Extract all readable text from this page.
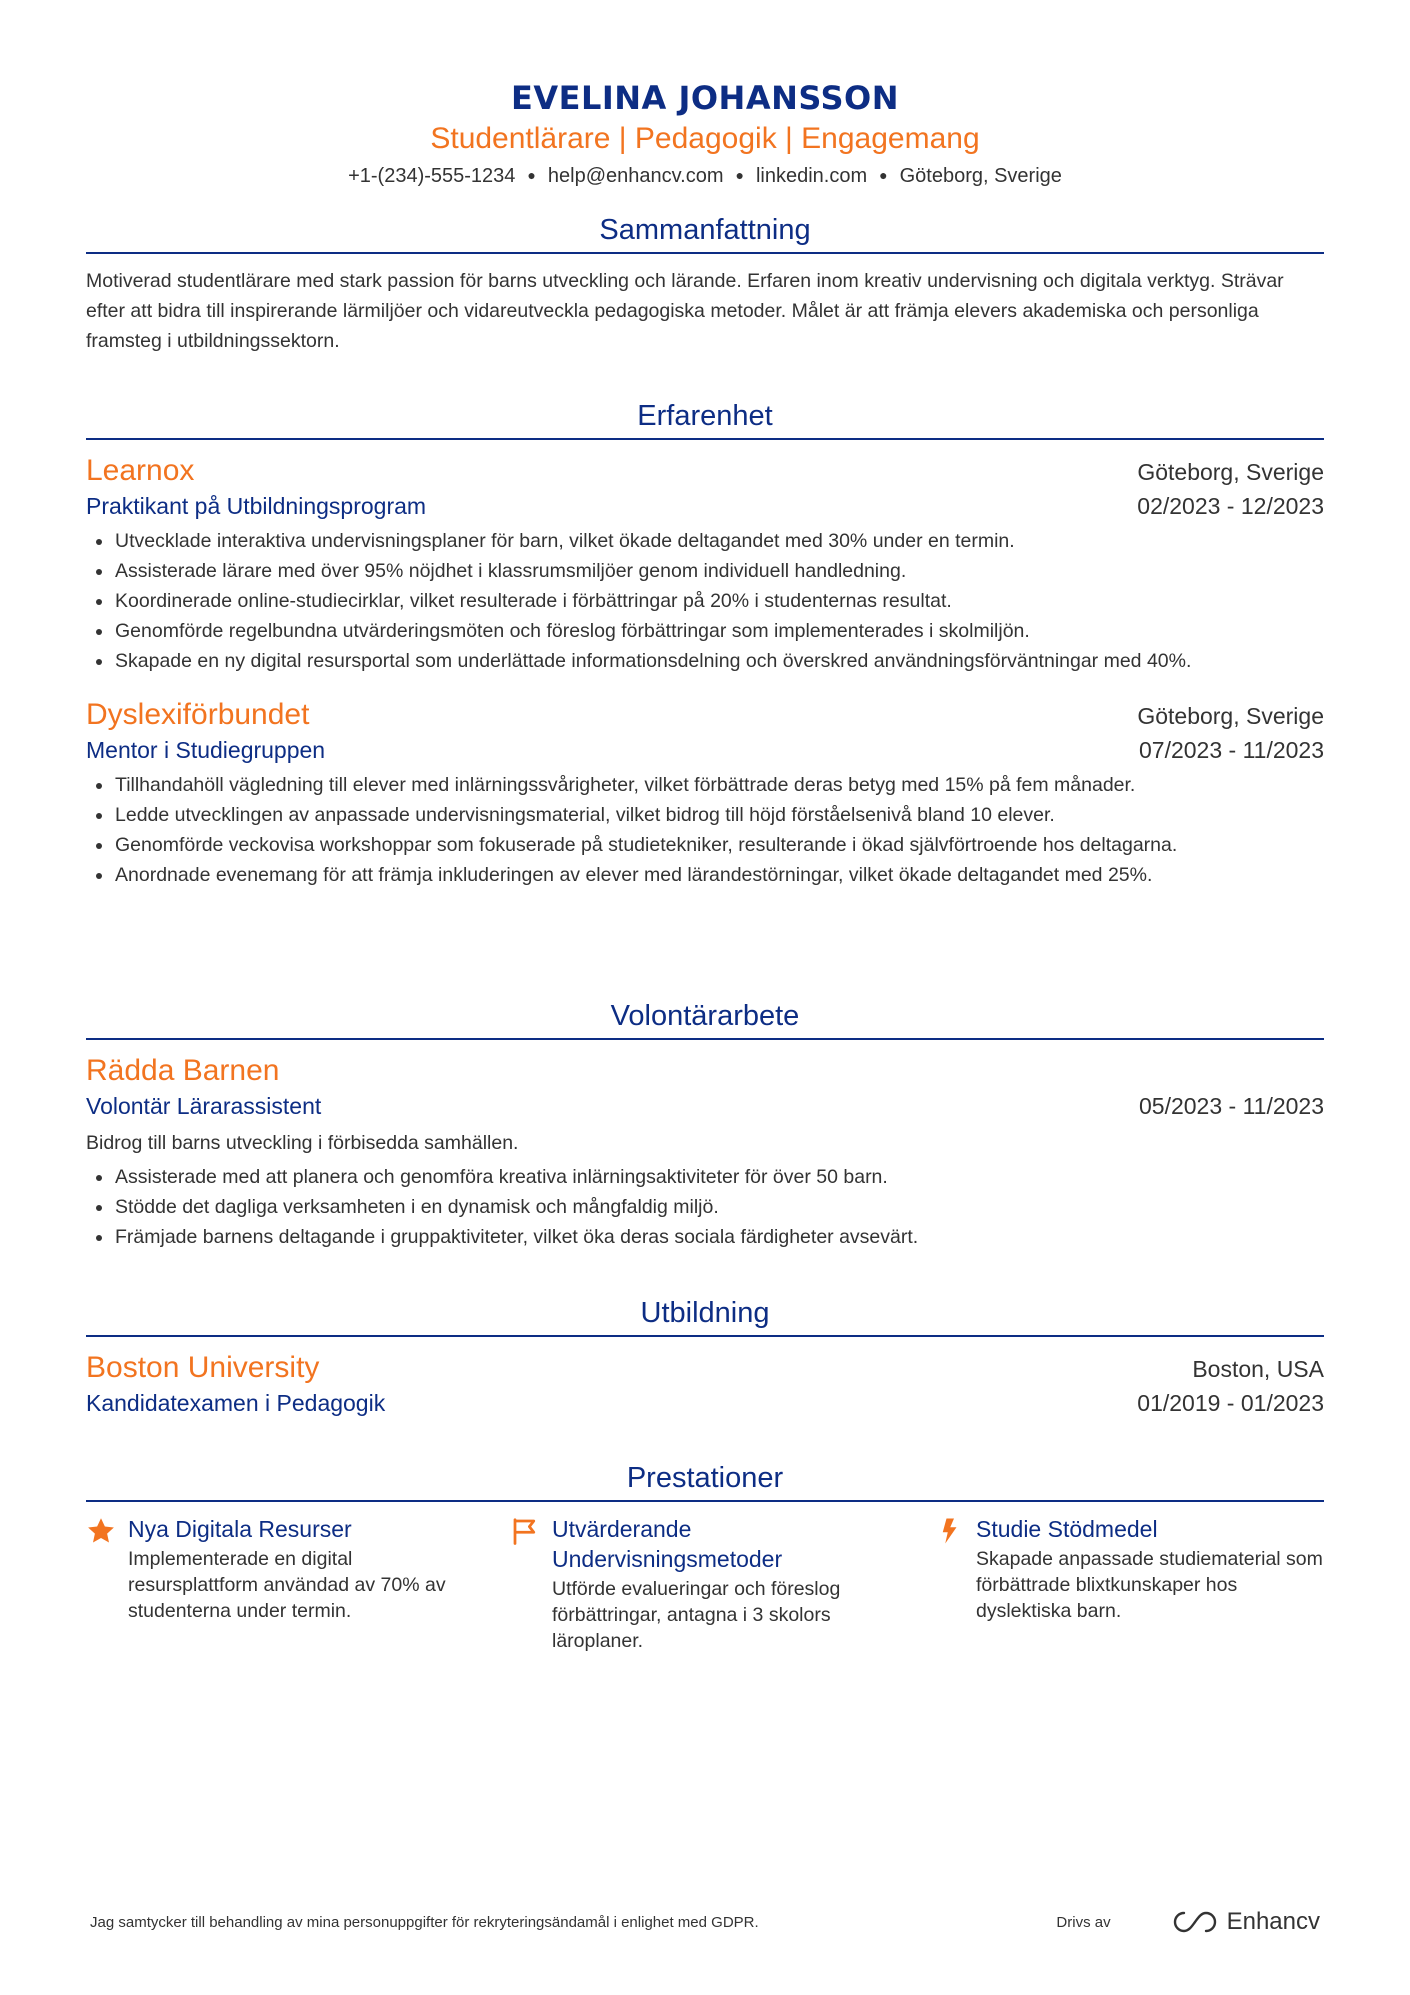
EVELINA JOHANSSON
Studentlärare | Pedagogik | Engagemang
+1-(234)-555-1234 ● help@enhancv.com ● linkedin.com ● Göteborg, Sverige
Sammanfattning

Motiverad studentlärare med stark passion för barns utveckling och lärande. Erfaren inom kreativ undervisning och digitala verktyg. Strävar efter att bidra till inspirerande lärmiljöer och vidareutveckla pedagogiska metoder. Målet är att främja elevers akademiska och personliga framsteg i utbildningssektorn.

Erfarenhet
Learnox	Göteborg, Sverige
Praktikant på Utbildningsprogram	02/2023 - 12/2023
Utvecklade interaktiva undervisningsplaner för barn, vilket ökade deltagandet med 30% under en termin.
Assisterade lärare med över 95% nöjdhet i klassrumsmiljöer genom individuell handledning.
Koordinerade online-studiecirklar, vilket resulterade i förbättringar på 20% i studenternas resultat.
Genomförde regelbundna utvärderingsmöten och föreslog förbättringar som implementerades i skolmiljön.
Skapade en ny digital resursportal som underlättade informationsdelning och överskred användningsförväntningar med 40%.
Dyslexiförbundet	Göteborg, Sverige
Mentor i Studiegruppen	07/2023 - 11/2023
Tillhandahöll vägledning till elever med inlärningssvårigheter, vilket förbättrade deras betyg med 15% på fem månader.
Ledde utvecklingen av anpassade undervisningsmaterial, vilket bidrog till höjd förståelsenivå bland 10 elever.
Genomförde veckovisa workshoppar som fokuserade på studietekniker, resulterande i ökad självförtroende hos deltagarna.
Anordnade evenemang för att främja inkluderingen av elever med lärandestörningar, vilket ökade deltagandet med 25%.
Volontärarbete
Rädda Barnen
Volontär Lärarassistent	05/2023 - 11/2023
Bidrog till barns utveckling i förbisedda samhällen.
Assisterade med att planera och genomföra kreativa inlärningsaktiviteter för över 50 barn.
Stödde det dagliga verksamheten i en dynamisk och mångfaldig miljö.
Främjade barnens deltagande i gruppaktiviteter, vilket öka deras sociala färdigheter avsevärt.
Utbildning
Boston University	Boston, USA
Kandidatexamen i Pedagogik	01/2019 - 01/2023
Prestationer
Nya Digitala Resurser
Implementerade en digital resursplattform användad av 70% av studenterna under termin.
Utvärderande Undervisningsmetoder
Utförde evalueringar och föreslog förbättringar, antagna i 3 skolors läroplaner.
Studie Stödmedel
Skapade anpassade studiematerial som förbättrade blixtkunskaper hos dyslektiska barn.
Jag samtycker till behandling av mina personuppgifter för rekryteringsändamål i enlighet med GDPR.	Drivs av	Enhancv
